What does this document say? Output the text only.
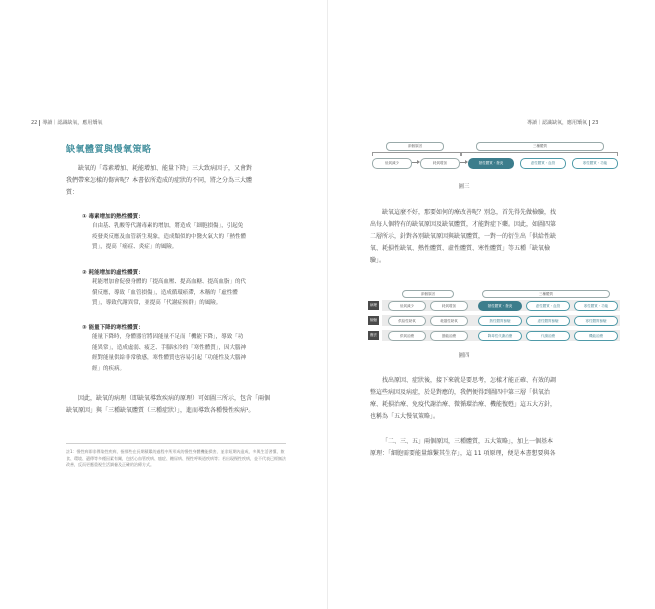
22 導讀｜認識缺氧，應用矯氧
缺氧體質與慢氧策略
缺氧的「毒素增加、耗能增加、能量下降」三大致病因子，又會對
我們帶來怎樣的傷害呢？本書依所造成的症狀的不同，將之分為三大體
質：
① 毒素增加的熱性體質：
自由基、乳酸等代謝毒素的增加，將造成「細胞損傷」，引起免
疫發炎反應及血管新生現象，造成類似的中醫火氣大的「熱性體
質」，提高「癌症、炎症」的風險。
② 耗能增加的虛性體質：
耗能增加會促發身體的「提高血壓、提高血糖、提高血脂」的代
償反應，導致「血管損傷」，造成循環瘀滯，木稱的「虛性體
質」，導致代謝異常，並提高「代謝症候群」的風險。
③ 能量下降的寒性體質：
能量下降時，身體器官將因能量不足而「機能下降」，導致「功
能異常」，造成虛弱、疲乏、手腳冰冷的「寒性體質」，因大腦神
經對能量供給非常敏感，寒性體質也容易引起「功能性及大腦神
經」的疾病。
因此，缺氧的病理（即缺氧導致疾病的原理）可如圖三所示，包含「兩個
缺氧原因」與「三種缺氧體質（三種症狀）」，進而導致各種慢性疾病¹。
註1：慢性病即非傳染性疾病，指那些在長期積累的過程中所形成的慢性身體機能損害，並非短期內造成，多與生活習慣、飲食、環境、遺傳等多種因素有關，包括心血管疾病、癌症、糖尿病、慢性呼吸道疾病等；若出現慢性疾病，並不代表已經無法改善，反而更應重視生活調養及正確的治療方式。
導讀｜認識缺氧，應用矯氧 23
兩個原因	三種體質
低氧減少	耗氧增加	熱性體質・發炎	虛性體質・血管	寒性體質・功能
圖三
缺氧這麼不好，那要如何的療改善呢？別急，首先得先做檢驗，找
出每人個特有的缺氧原因及缺氧體質，才能對症下藥。因此，如圖四第
二層所示，針對各別缺氧原因與缺氧體質，一對一的衍生出「供給性缺
氧、耗損性缺氧、熱性體質、虛性體質、寒性體質」等五種「缺氧檢
驗」。
兩個原因	三種體質
病理
檢驗
療法
低氧減少	耗氧增加	熱性體質・發炎	虛性體質・血管	寒性體質・功能
供給性缺氧	耗損性缺氧	熱性體質檢驗	虛性體質檢驗	寒性體質檢驗
供氧治療	節能治療	降毒性代謝治療	代謝治療	機能治療
圖四
找出原因、症狀後，接下來就是要思考，怎樣才能正確、有效的調
整這些病因及病症，於是對應的，我們便得到圖四中第三層「供氧治
療、耗損治療、免疫代謝治療、微循環治療、機能復甦」這五大方針，
也稱為「五大慢氧策略」。
「二、三、五」兩個原因，三種體質，五大策略」，加上一個基本
原理：「細胞需要能量維繫其生存」，這 11 項原理，便是本書想要與各
